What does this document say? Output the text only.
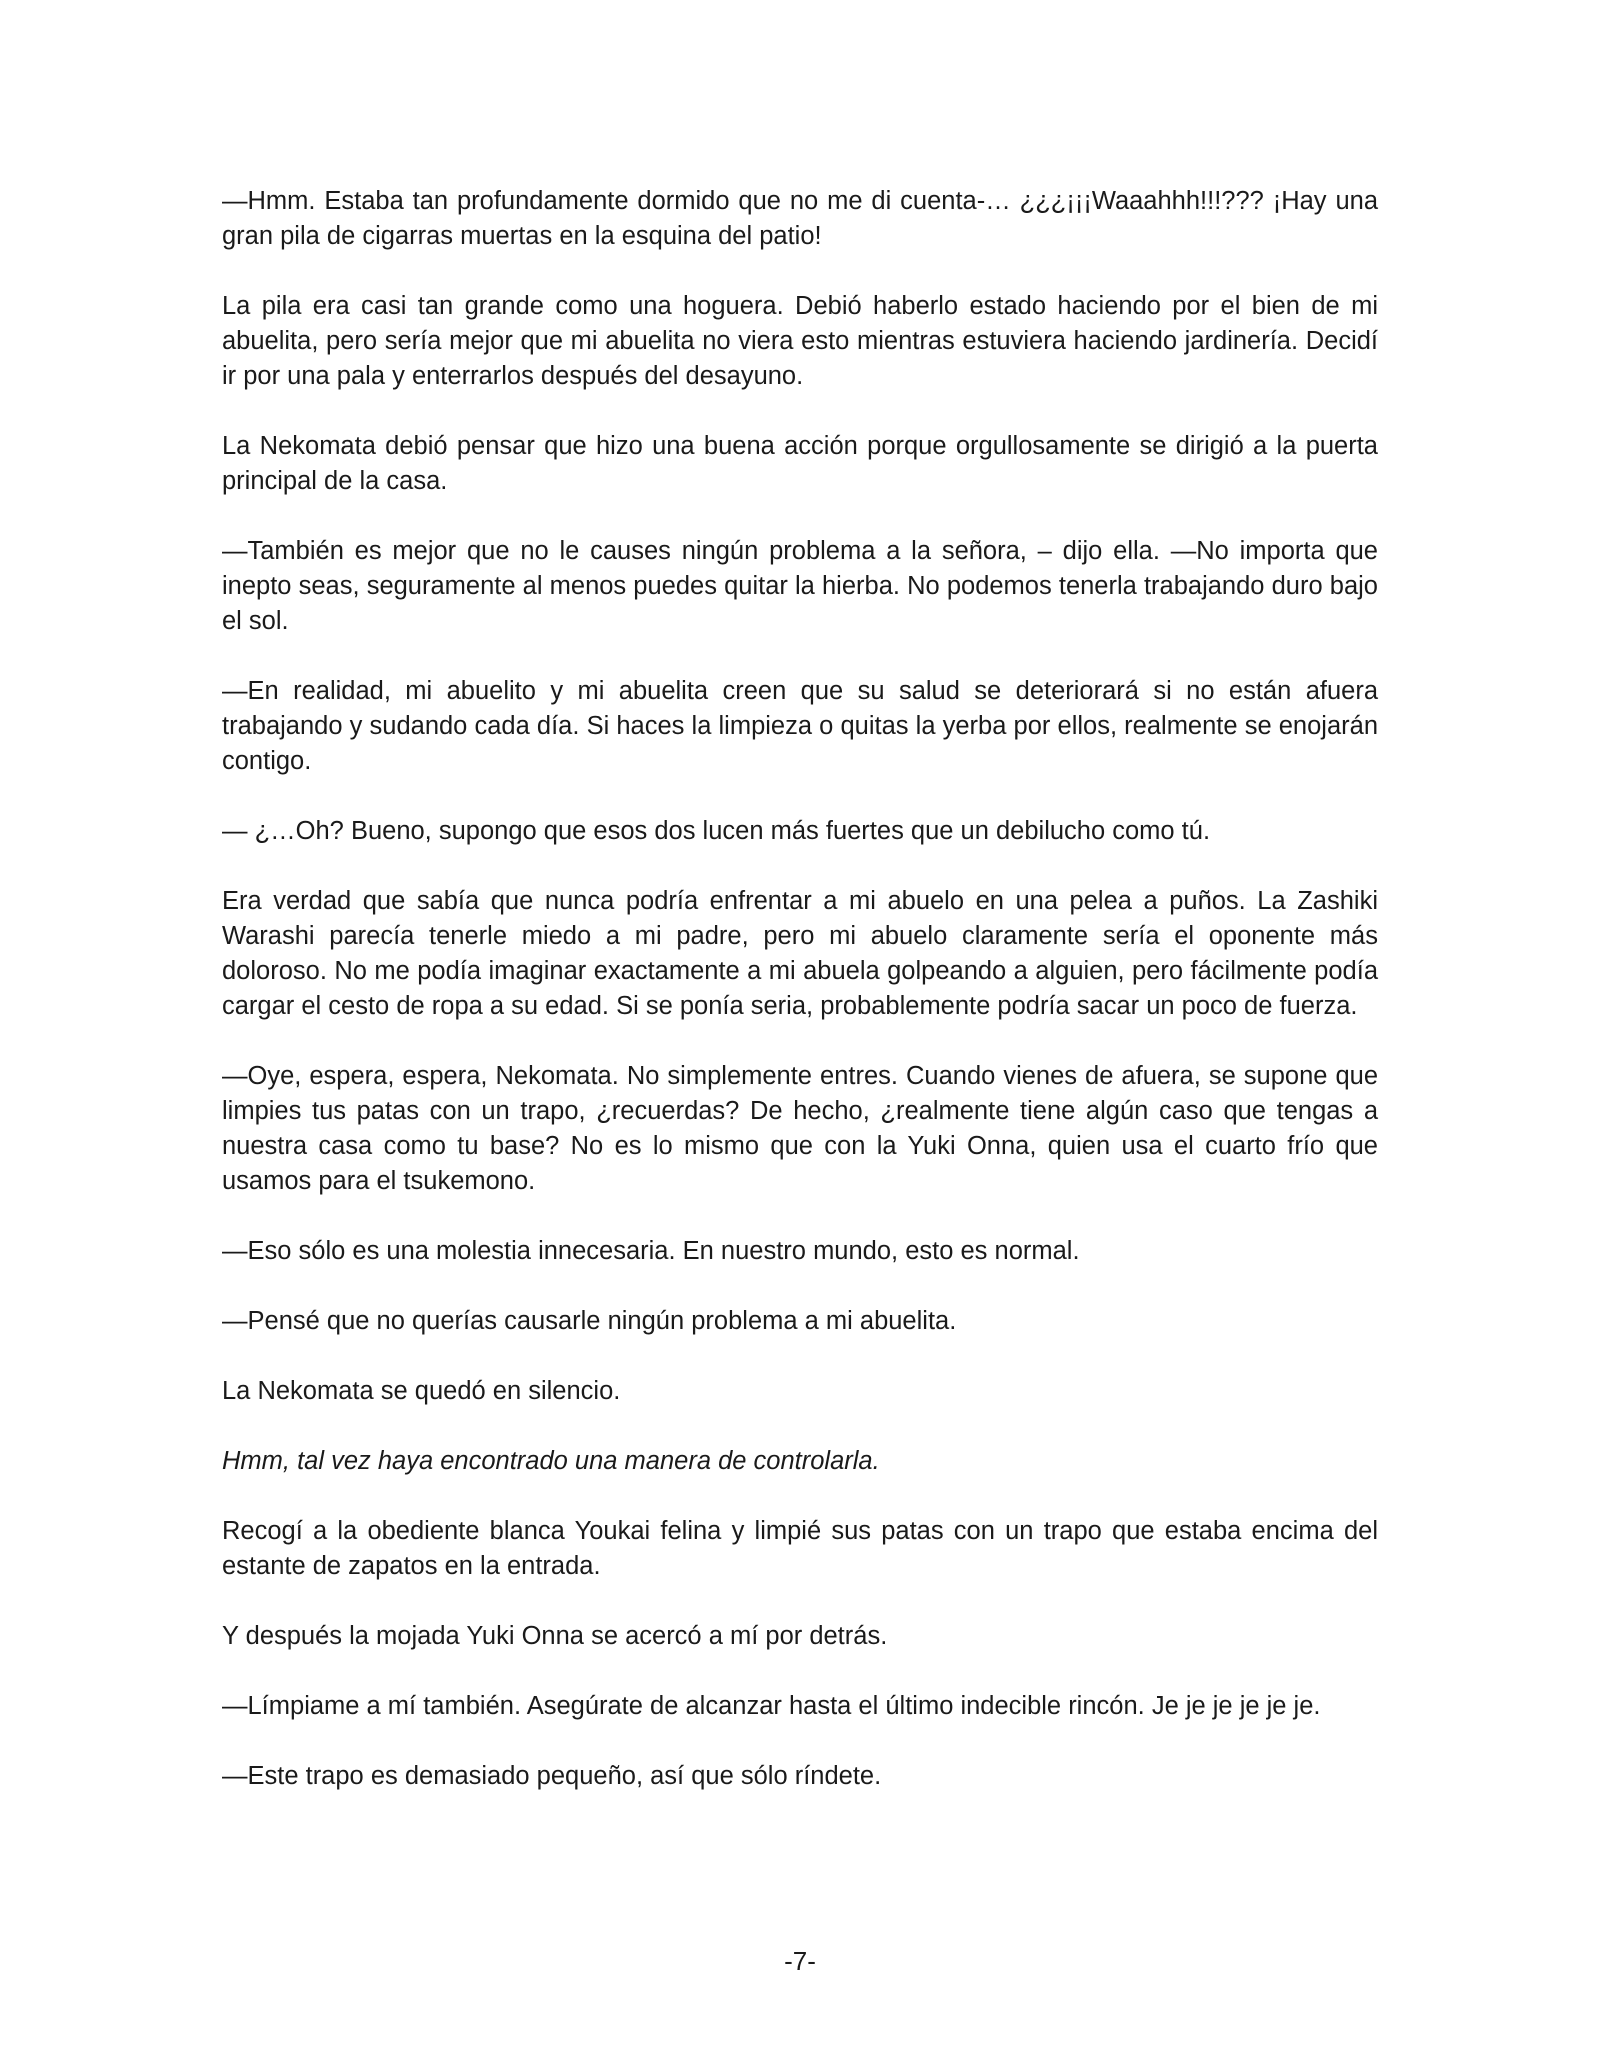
—Hmm. Estaba tan profundamente dormido que no me di cuenta-… ¿¿¿¡¡¡Waaahhh!!!??? ¡Hay una gran pila de cigarras muertas en la esquina del patio!

La pila era casi tan grande como una hoguera. Debió haberlo estado haciendo por el bien de mi abuelita, pero sería mejor que mi abuelita no viera esto mientras estuviera haciendo jardinería. Decidí ir por una pala y enterrarlos después del desayuno.

La Nekomata debió pensar que hizo una buena acción porque orgullosamente se dirigió a la puerta principal de la casa.

—También es mejor que no le causes ningún problema a la señora, – dijo ella. —No importa que inepto seas, seguramente al menos puedes quitar la hierba. No podemos tenerla trabajando duro bajo el sol.

—En realidad, mi abuelito y mi abuelita creen que su salud se deteriorará si no están afuera trabajando y sudando cada día. Si haces la limpieza o quitas la yerba por ellos, realmente se enojarán contigo.

— ¿…Oh? Bueno, supongo que esos dos lucen más fuertes que un debilucho como tú.

Era verdad que sabía que nunca podría enfrentar a mi abuelo en una pelea a puños. La Zashiki Warashi parecía tenerle miedo a mi padre, pero mi abuelo claramente sería el oponente más doloroso. No me podía imaginar exactamente a mi abuela golpeando a alguien, pero fácilmente podía cargar el cesto de ropa a su edad. Si se ponía seria, probablemente podría sacar un poco de fuerza.

—Oye, espera, espera, Nekomata. No simplemente entres. Cuando vienes de afuera, se supone que limpies tus patas con un trapo, ¿recuerdas? De hecho, ¿realmente tiene algún caso que tengas a nuestra casa como tu base? No es lo mismo que con la Yuki Onna, quien usa el cuarto frío que usamos para el tsukemono.

—Eso sólo es una molestia innecesaria. En nuestro mundo, esto es normal.

—Pensé que no querías causarle ningún problema a mi abuelita.

La Nekomata se quedó en silencio.

Hmm, tal vez haya encontrado una manera de controlarla.

Recogí a la obediente blanca Youkai felina y limpié sus patas con un trapo que estaba encima del estante de zapatos en la entrada.

Y después la mojada Yuki Onna se acercó a mí por detrás.

—Límpiame a mí también. Asegúrate de alcanzar hasta el último indecible rincón. Je je je je je je.

—Este trapo es demasiado pequeño, así que sólo ríndete.

-7-
